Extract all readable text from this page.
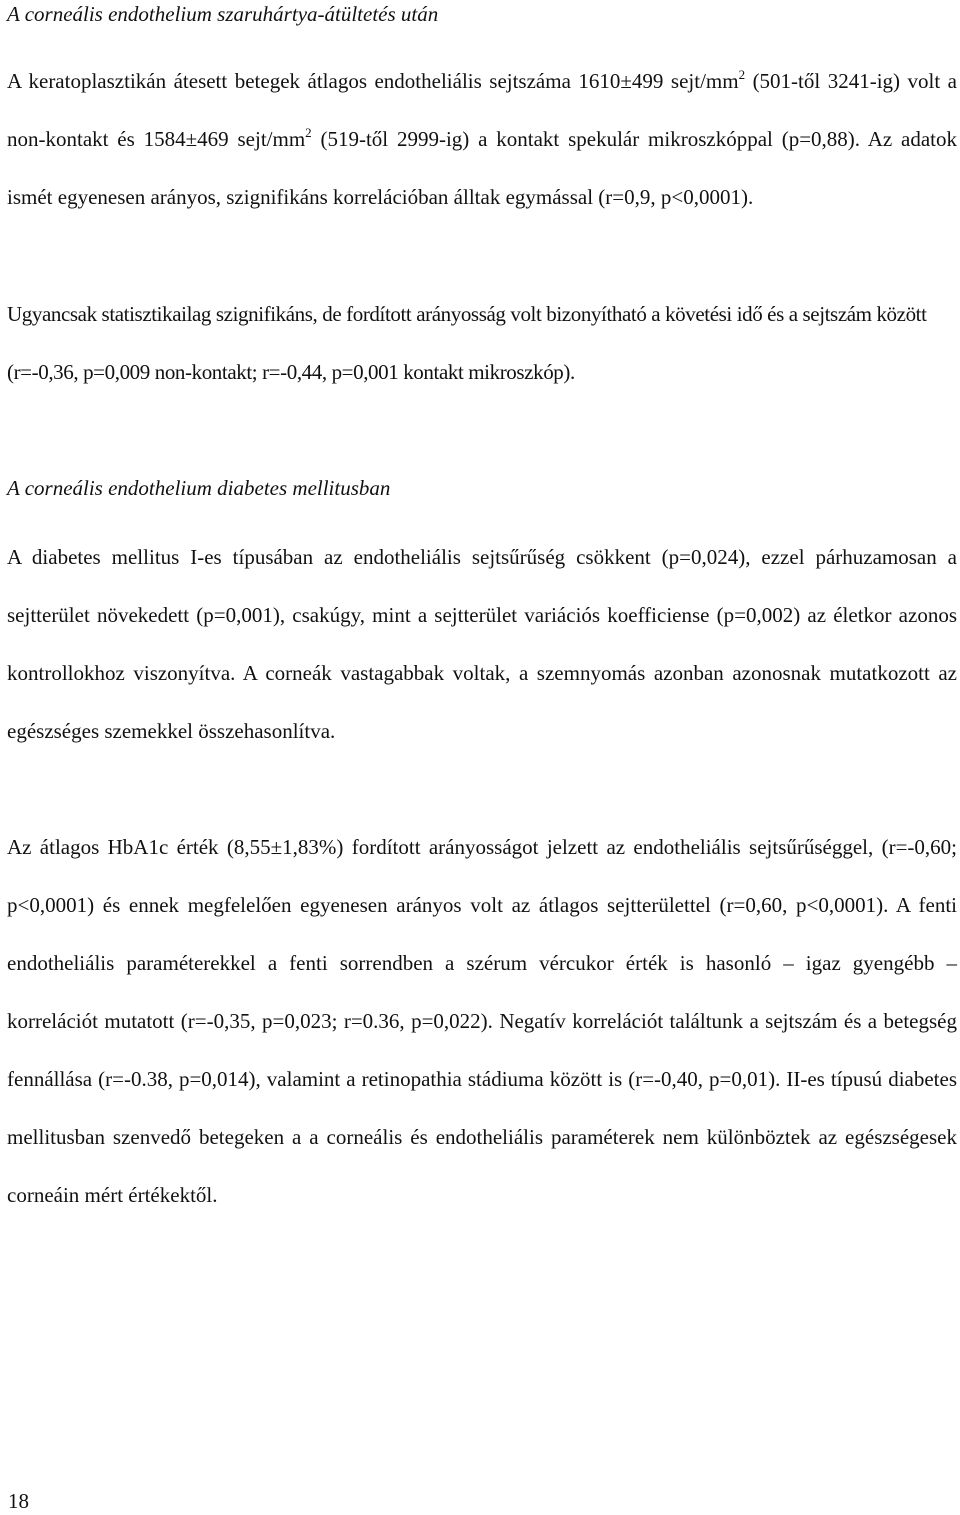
A corneális endothelium szaruhártya-átültetés után
A keratoplasztikán átesett betegek átlagos endotheliális sejtszáma 1610±499 sejt/$mm^2$ (501-től 3241-ig) volt a non-kontakt és 1584±469 sejt/$mm^2$ (519-től 2999-ig) a kontakt spekulár mikroszkóppal (p=0,88). Az adatok ismét egyenesen arányos, szignifikáns korrelációban álltak egymással (r=0,9, p<0,0001).
Ugyancsak statisztikailag szignifikáns, de fordított arányosság volt bizonyítható a követési idő és a sejtszám között (r=-0,36, p=0,009 non-kontakt; r=-0,44, p=0,001 kontakt mikroszkóp).
A corneális endothelium diabetes mellitusban
A diabetes mellitus I-es típusában az endotheliális sejtsűrűség csökkent (p=0,024), ezzel párhuzamosan a sejtterület növekedett (p=0,001), csakúgy, mint a sejtterület variációs koefficiense (p=0,002) az életkor azonos kontrollokhoz viszonyítva. A corneák vastagabbak voltak, a szemnyomás azonban azonosnak mutatkozott az egészséges szemekkel összehasonlítva.
Az átlagos HbA1c érték (8,55±1,83%) fordított arányosságot jelzett az endotheliális sejtsűrűséggel, (r=-0,60; p<0,0001) és ennek megfelelően egyenesen arányos volt az átlagos sejtterülettel (r=0,60, p<0,0001). A fenti endotheliális paraméterekkel a fenti sorrendben a szérum vércukor érték is hasonló – igaz gyengébb – korrelációt mutatott (r=-0,35, p=0,023; r=0.36, p=0,022). Negatív korrelációt találtunk a sejtszám és a betegség fennállása (r=-0.38, p=0,014), valamint a retinopathia stádiuma között is (r=-0,40, p=0,01). II-es típusú diabetes mellitusban szenvedő betegeken a a corneális és endotheliális paraméterek nem különböztek az egészségesek corneáin mért értékektől.
18
